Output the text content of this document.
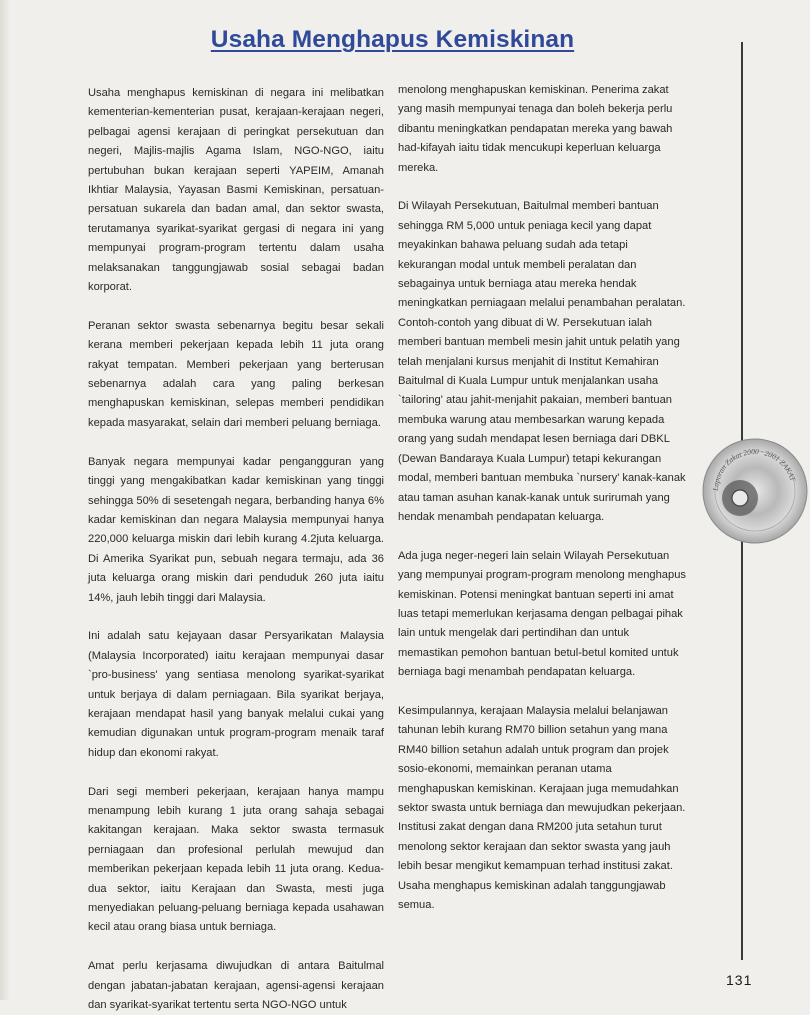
Usaha Menghapus Kemiskinan

Usaha menghapus kemiskinan di negara ini melibatkan kementerian-kementerian pusat, kerajaan-kerajaan negeri, pelbagai agensi kerajaan di peringkat persekutuan dan negeri, Majlis-majlis Agama Islam, NGO-NGO, iaitu pertubuhan bukan kerajaan seperti YAPEIM, Amanah Ikhtiar Malaysia, Yayasan Basmi Kemiskinan, persatuan-persatuan sukarela dan badan amal, dan sektor swasta, terutamanya syarikat-syarikat gergasi di negara ini yang mempunyai program-program tertentu dalam usaha melaksanakan tanggungjawab sosial sebagai badan korporat.

Peranan sektor swasta sebenarnya begitu besar sekali kerana memberi pekerjaan kepada lebih 11 juta orang rakyat tempatan. Memberi pekerjaan yang berterusan sebenarnya adalah cara yang paling berkesan menghapuskan kemiskinan, selepas memberi pendidikan kepada masyarakat, selain dari memberi peluang berniaga.

Banyak negara mempunyai kadar pengangguran yang tinggi yang mengakibatkan kadar kemiskinan yang tinggi sehingga 50% di sesetengah negara, berbanding hanya 6% kadar kemiskinan dan negara Malaysia mempunyai hanya 220,000 keluarga miskin dari lebih kurang 4.2juta keluarga. Di Amerika Syarikat pun, sebuah negara termaju, ada 36 juta keluarga orang miskin dari penduduk 260 juta iaitu 14%, jauh lebih tinggi dari Malaysia.

Ini adalah satu kejayaan dasar Persyarikatan Malaysia (Malaysia Incorporated) iaitu kerajaan mempunyai dasar `pro-business' yang sentiasa menolong syarikat-syarikat untuk berjaya di dalam perniagaan. Bila syarikat berjaya, kerajaan mendapat hasil yang banyak melalui cukai yang kemudian digunakan untuk program-program menaik taraf hidup dan ekonomi rakyat.

Dari segi memberi pekerjaan, kerajaan hanya mampu menampung lebih kurang 1 juta orang sahaja sebagai kakitangan kerajaan. Maka sektor swasta termasuk perniagaan dan profesional perlulah mewujud dan memberikan pekerjaan kepada lebih 11 juta orang. Kedua-dua sektor, iaitu Kerajaan dan Swasta, mesti juga menyediakan peluang-peluang berniaga kepada usahawan kecil atau orang biasa untuk berniaga.

Amat perlu kerjasama diwujudkan di antara Baitulmal dengan jabatan-jabatan kerajaan, agensi-agensi kerajaan dan syarikat-syarikat tertentu serta NGO-NGO untuk

menolong menghapuskan kemiskinan. Penerima zakat yang masih mempunyai tenaga dan boleh bekerja perlu dibantu meningkatkan pendapatan mereka yang bawah had-kifayah iaitu tidak mencukupi keperluan keluarga mereka.

Di Wilayah Persekutuan, Baitulmal memberi bantuan sehingga RM 5,000 untuk peniaga kecil yang dapat meyakinkan bahawa peluang sudah ada tetapi kekurangan modal untuk membeli peralatan dan sebagainya untuk berniaga atau mereka hendak meningkatkan perniagaan melalui penambahan peralatan. Contoh-contoh yang dibuat di W. Persekutuan ialah memberi bantuan membeli mesin jahit untuk pelatih yang telah menjalani kursus menjahit di Institut Kemahiran Baitulmal di Kuala Lumpur untuk menjalankan usaha `tailoring' atau jahit-menjahit pakaian, memberi bantuan membuka warung atau membesarkan warung kepada orang yang sudah mendapat lesen berniaga dari DBKL (Dewan Bandaraya Kuala Lumpur) tetapi kekurangan modal, memberi bantuan membuka `nursery' kanak-kanak atau taman asuhan kanak-kanak untuk surirumah yang hendak menambah pendapatan keluarga.

Ada juga neger-negeri lain selain Wilayah Persekutuan yang mempunyai program-program menolong menghapus kemiskinan. Potensi meningkat bantuan seperti ini amat luas tetapi memerlukan kerjasama dengan pelbagai pihak lain untuk mengelak dari pertindihan dan untuk memastikan pemohon bantuan betul-betul komited untuk berniaga bagi menambah pendapatan keluarga.

Kesimpulannya, kerajaan Malaysia melalui belanjawan tahunan lebih kurang RM70 billion setahun yang mana RM40 billion setahun adalah untuk program dan projek sosio-ekonomi, memainkan peranan utama menghapuskan kemiskinan. Kerajaan juga memudahkan sektor swasta untuk berniaga dan mewujudkan pekerjaan. Institusi zakat dengan dana RM200 juta setahun turut menolong sektor kerajaan dan sektor swasta yang jauh lebih besar mengikut kemampuan terhad institusi zakat. Usaha menghapus kemiskinan adalah tanggungjawab semua.

Laporan Zakat 2000 · 2001 ZAKAT
131
